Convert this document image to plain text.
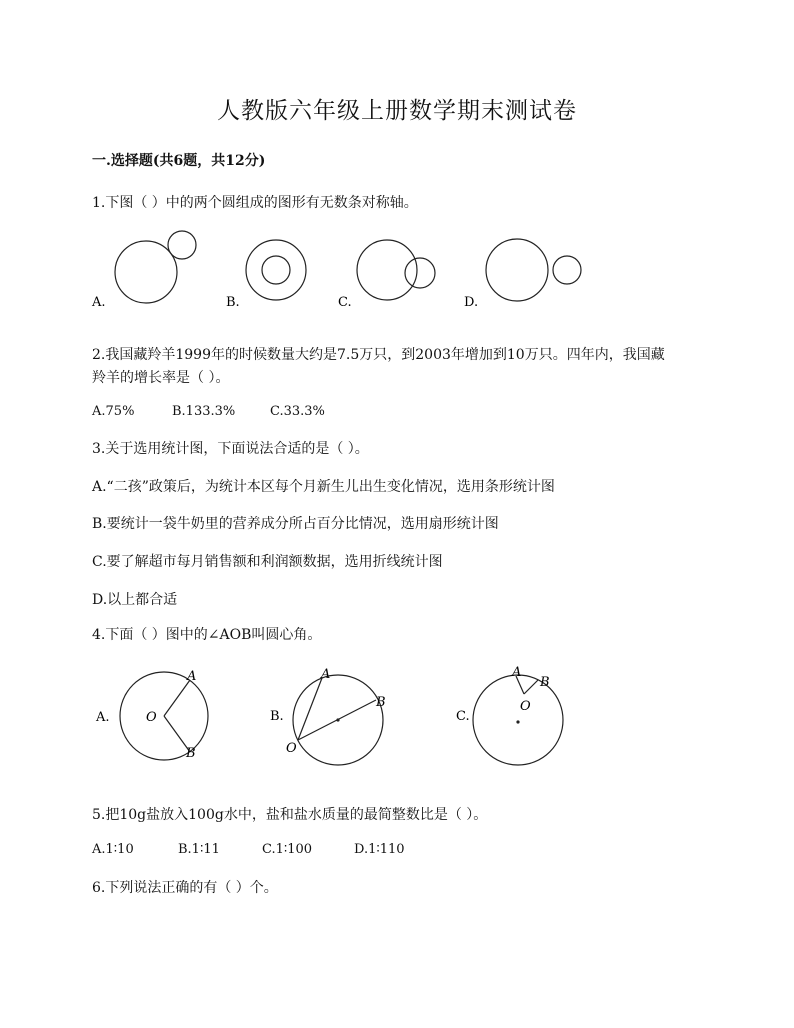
人教版六年级上册数学期末测试卷
一.选择题(共6题，共12分)
1.下图（ ）中的两个圆组成的图形有无数条对称轴。
A.	B.	C.	D.
2.我国藏羚羊1999年的时候数量大约是7.5万只，到2003年增加到10万只。四年内，我国藏
羚羊的增长率是（ ）。
A.75%	B.133.3%	C.33.3%
3.关于选用统计图，下面说法合适的是（ ）。
A.“二孩”政策后，为统计本区每个月新生儿出生变化情况，选用条形统计图
B.要统计一袋牛奶里的营养成分所占百分比情况，选用扇形统计图
C.要了解超市每月销售额和利润额数据，选用折线统计图
D.以上都合适
4.下面（ ）图中的∠AOB叫圆心角。
A.	O
A
B
B.
O
A
B
C.
O
A
B
5.把10g盐放入100g水中，盐和盐水质量的最简整数比是（ ）。
A.1∶10	B.1∶11	C.1∶100	D.1∶110
6.下列说法正确的有（ ）个。
